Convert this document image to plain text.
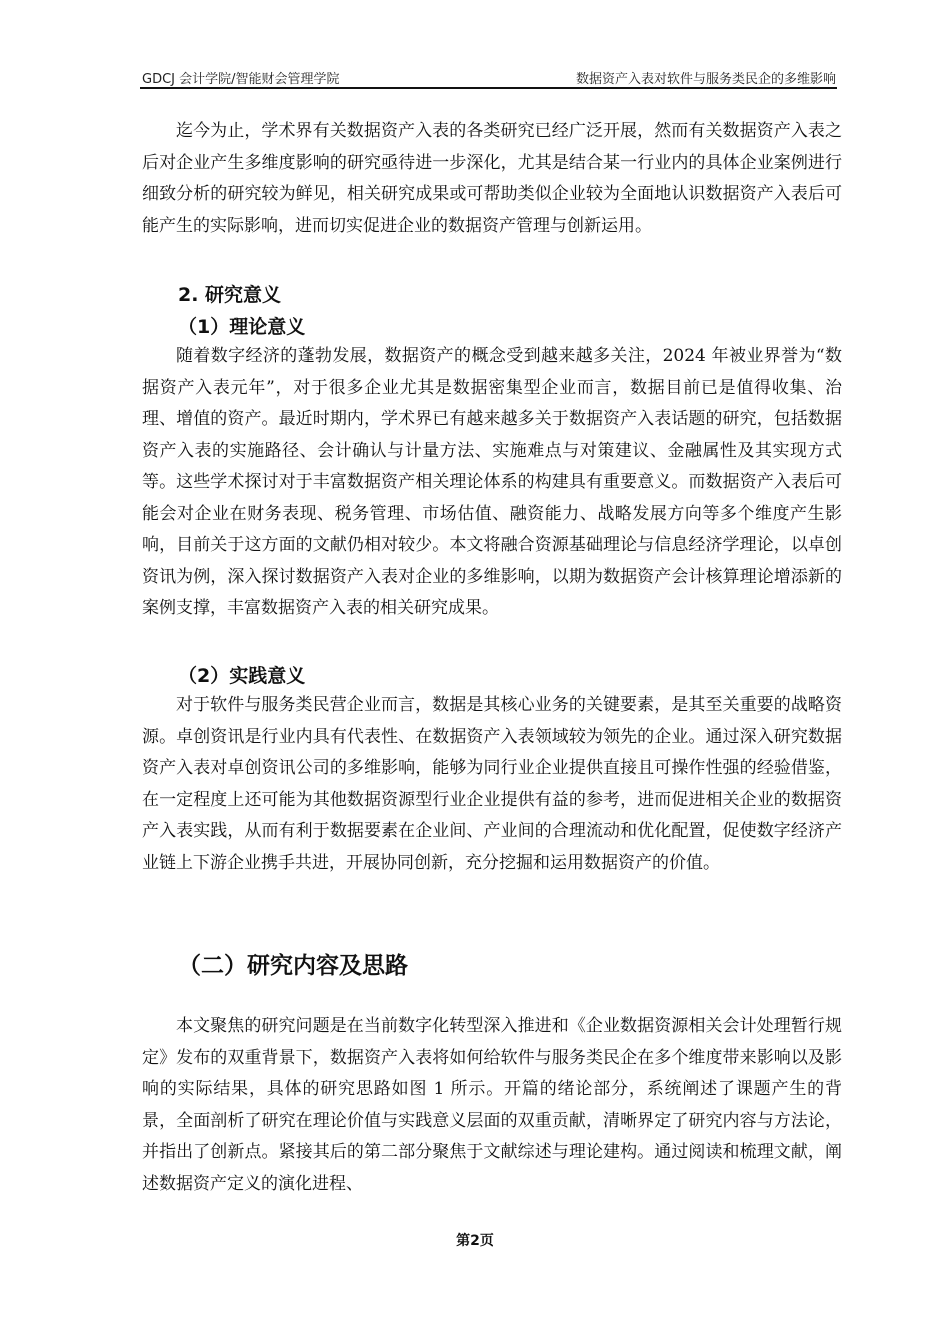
GDCJ 会计学院/智能财会管理学院	数据资产入表对软件与服务类民企的多维影响

迄今为止，学术界有关数据资产入表的各类研究已经广泛开展，然而有关数据资产入表之后对企业产生多维度影响的研究亟待进一步深化，尤其是结合某一行业内的具体企业案例进行细致分析的研究较为鲜见，相关研究成果或可帮助类似企业较为全面地认识数据资产入表后可能产生的实际影响，进而切实促进企业的数据资产管理与创新运用。

2. 研究意义
（1）理论意义

随着数字经济的蓬勃发展，数据资产的概念受到越来越多关注，2024 年被业界誉为“数据资产入表元年”，对于很多企业尤其是数据密集型企业而言，数据目前已是值得收集、治理、增值的资产。最近时期内，学术界已有越来越多关于数据资产入表话题的研究，包括数据资产入表的实施路径、会计确认与计量方法、实施难点与对策建议、金融属性及其实现方式等。这些学术探讨对于丰富数据资产相关理论体系的构建具有重要意义。而数据资产入表后可能会对企业在财务表现、税务管理、市场估值、融资能力、战略发展方向等多个维度产生影响，目前关于这方面的文献仍相对较少。本文将融合资源基础理论与信息经济学理论，以卓创资讯为例，深入探讨数据资产入表对企业的多维影响，以期为数据资产会计核算理论增添新的案例支撑，丰富数据资产入表的相关研究成果。

（2）实践意义

对于软件与服务类民营企业而言，数据是其核心业务的关键要素，是其至关重要的战略资源。卓创资讯是行业内具有代表性、在数据资产入表领域较为领先的企业。通过深入研究数据资产入表对卓创资讯公司的多维影响，能够为同行业企业提供直接且可操作性强的经验借鉴，在一定程度上还可能为其他数据资源型行业企业提供有益的参考，进而促进相关企业的数据资产入表实践，从而有利于数据要素在企业间、产业间的合理流动和优化配置，促使数字经济产业链上下游企业携手共进，开展协同创新，充分挖掘和运用数据资产的价值。

（二）研究内容及思路

本文聚焦的研究问题是在当前数字化转型深入推进和《企业数据资源相关会计处理暂行规定》发布的双重背景下，数据资产入表将如何给软件与服务类民企在多个维度带来影响以及影响的实际结果，具体的研究思路如图 1 所示。开篇的绪论部分，系统阐述了课题产生的背景，全面剖析了研究在理论价值与实践意义层面的双重贡献，清晰界定了研究内容与方法论，并指出了创新点。紧接其后的第二部分聚焦于文献综述与理论建构。通过阅读和梳理文献，阐述数据资产定义的演化进程、

第2页
